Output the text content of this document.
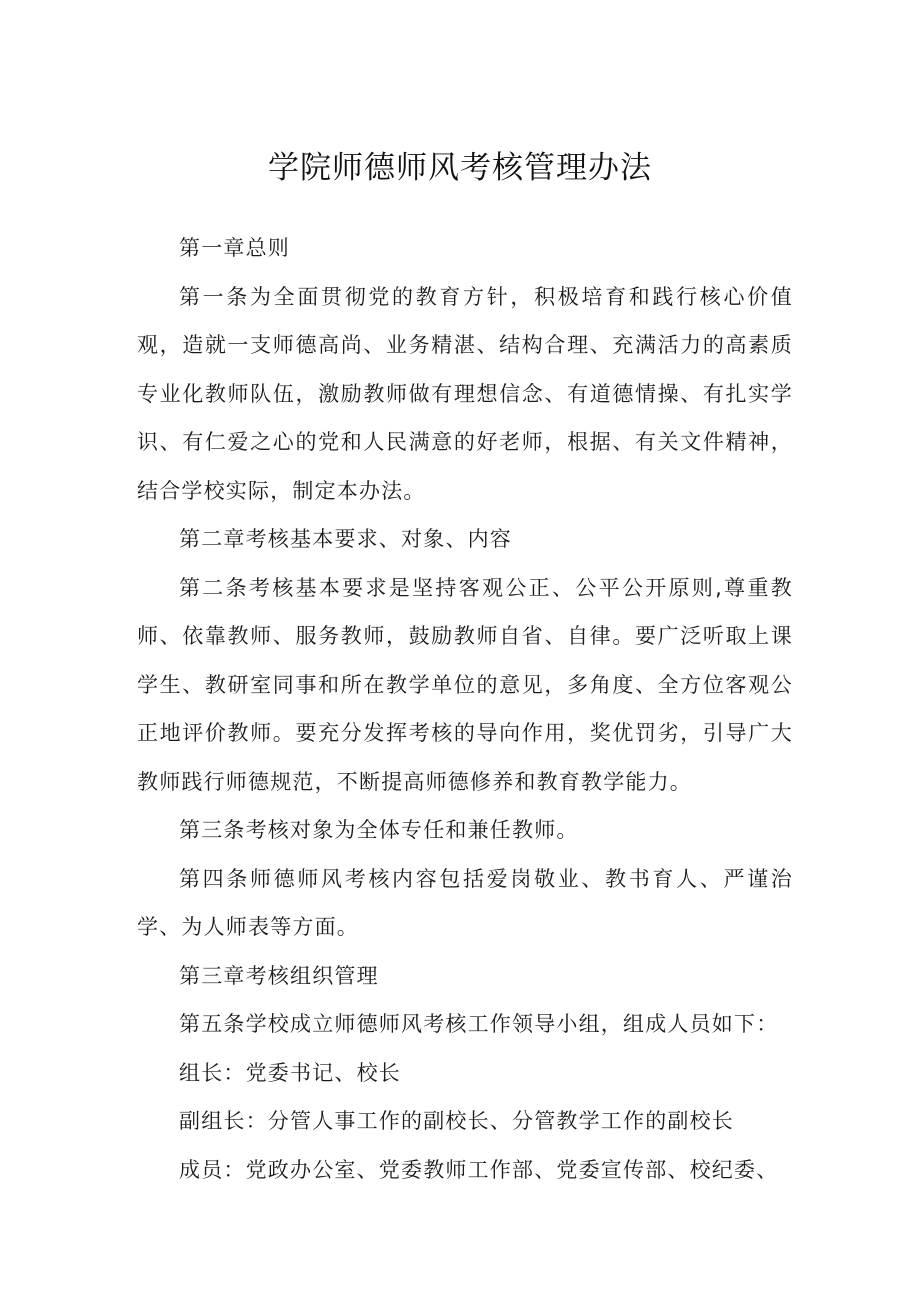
学院师德师风考核管理办法

第一章总则

第一条为全面贯彻党的教育方针，积极培育和践行核心价值观，造就一支师德高尚、业务精湛、结构合理、充满活力的高素质专业化教师队伍，激励教师做有理想信念、有道德情操、有扎实学识、有仁爱之心的党和人民满意的好老师，根据、有关文件精神，结合学校实际，制定本办法。

第二章考核基本要求、对象、内容

第二条考核基本要求是坚持客观公正、公平公开原则,尊重教师、依靠教师、服务教师，鼓励教师自省、自律。要广泛听取上课学生、教研室同事和所在教学单位的意见，多角度、全方位客观公正地评价教师。要充分发挥考核的导向作用，奖优罚劣，引导广大教师践行师德规范，不断提高师德修养和教育教学能力。

第三条考核对象为全体专任和兼任教师。

第四条师德师风考核内容包括爱岗敬业、教书育人、严谨治学、为人师表等方面。

第三章考核组织管理

第五条学校成立师德师风考核工作领导小组，组成人员如下：

组长：党委书记、校长

副组长：分管人事工作的副校长、分管教学工作的副校长

成员：党政办公室、党委教师工作部、党委宣传部、校纪委、
